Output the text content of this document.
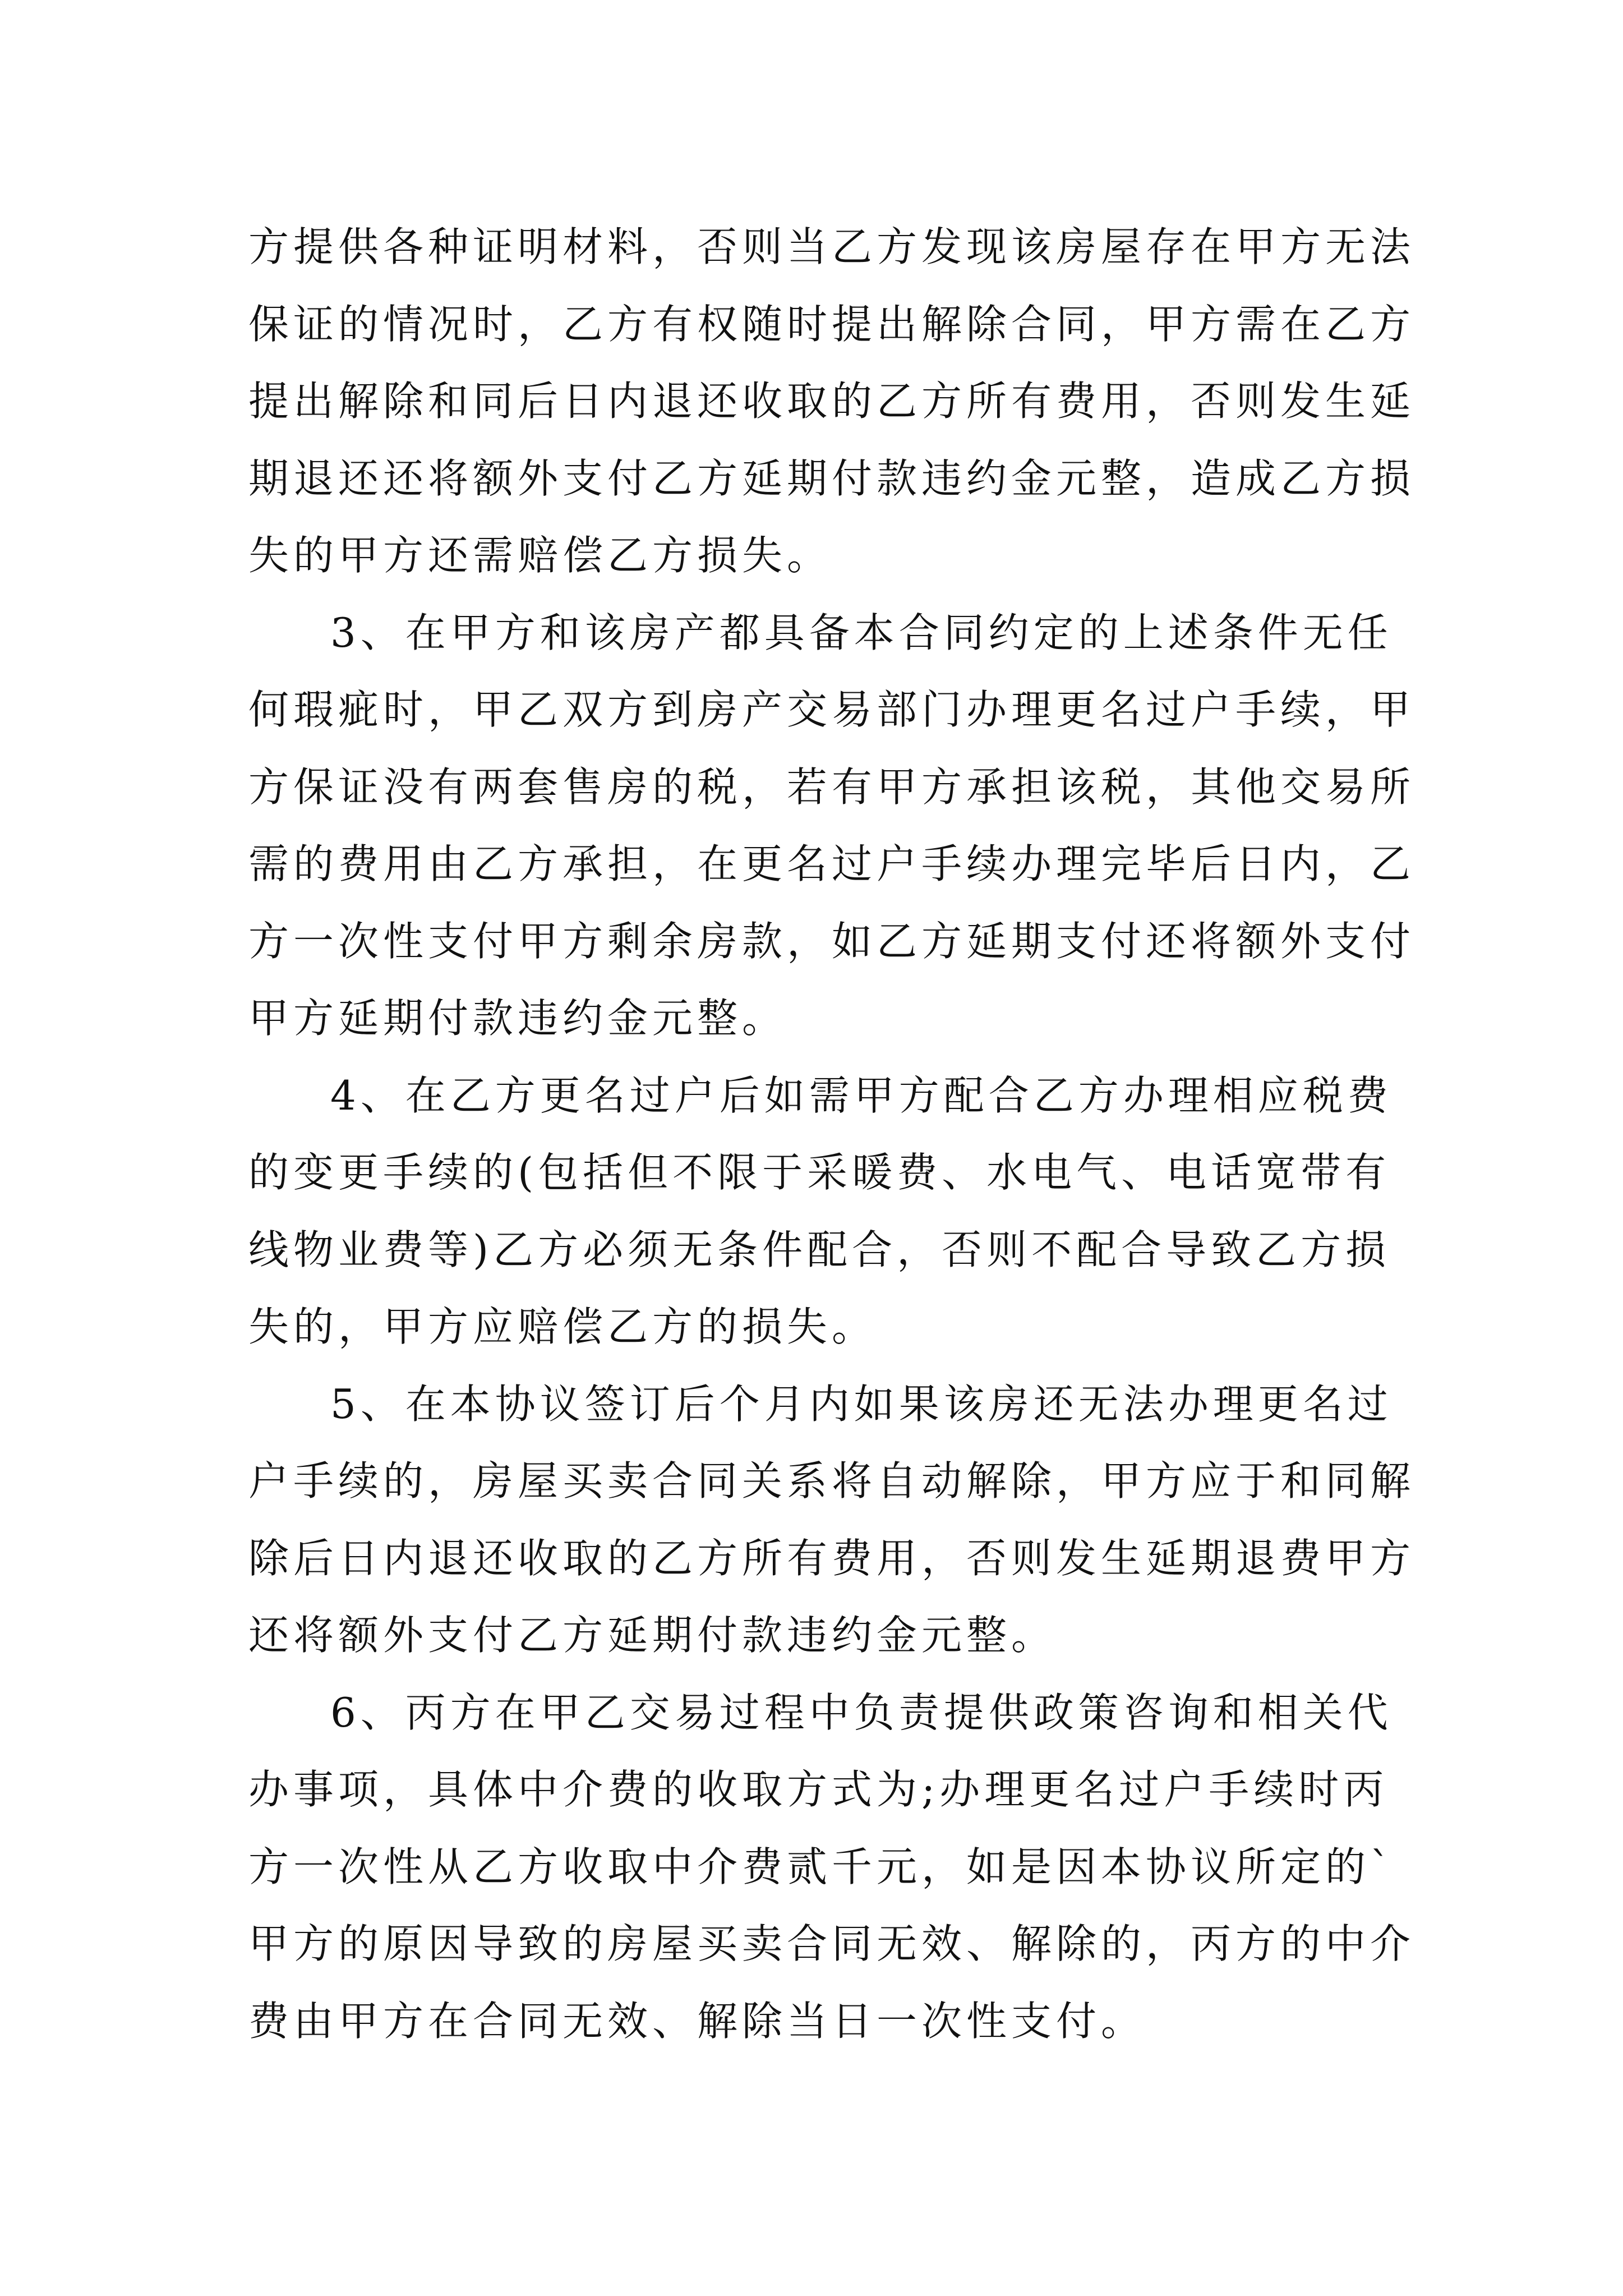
方提供各种证明材料，否则当乙方发现该房屋存在甲方无法
保证的情况时，乙方有权随时提出解除合同，甲方需在乙方
提出解除和同后日内退还收取的乙方所有费用，否则发生延
期退还还将额外支付乙方延期付款违约金元整，造成乙方损
失的甲方还需赔偿乙方损失。
3、在甲方和该房产都具备本合同约定的上述条件无任
何瑕疵时，甲乙双方到房产交易部门办理更名过户手续，甲
方保证没有两套售房的税，若有甲方承担该税，其他交易所
需的费用由乙方承担，在更名过户手续办理完毕后日内，乙
方一次性支付甲方剩余房款，如乙方延期支付还将额外支付
甲方延期付款违约金元整。
4、在乙方更名过户后如需甲方配合乙方办理相应税费
的变更手续的(包括但不限于采暖费、水电气、电话宽带有
线物业费等)乙方必须无条件配合，否则不配合导致乙方损
失的，甲方应赔偿乙方的损失。
5、在本协议签订后个月内如果该房还无法办理更名过
户手续的，房屋买卖合同关系将自动解除，甲方应于和同解
除后日内退还收取的乙方所有费用，否则发生延期退费甲方
还将额外支付乙方延期付款违约金元整。
6、丙方在甲乙交易过程中负责提供政策咨询和相关代
办事项，具体中介费的收取方式为;办理更名过户手续时丙
方一次性从乙方收取中介费贰千元，如是因本协议所定的`
甲方的原因导致的房屋买卖合同无效、解除的，丙方的中介
费由甲方在合同无效、解除当日一次性支付。
